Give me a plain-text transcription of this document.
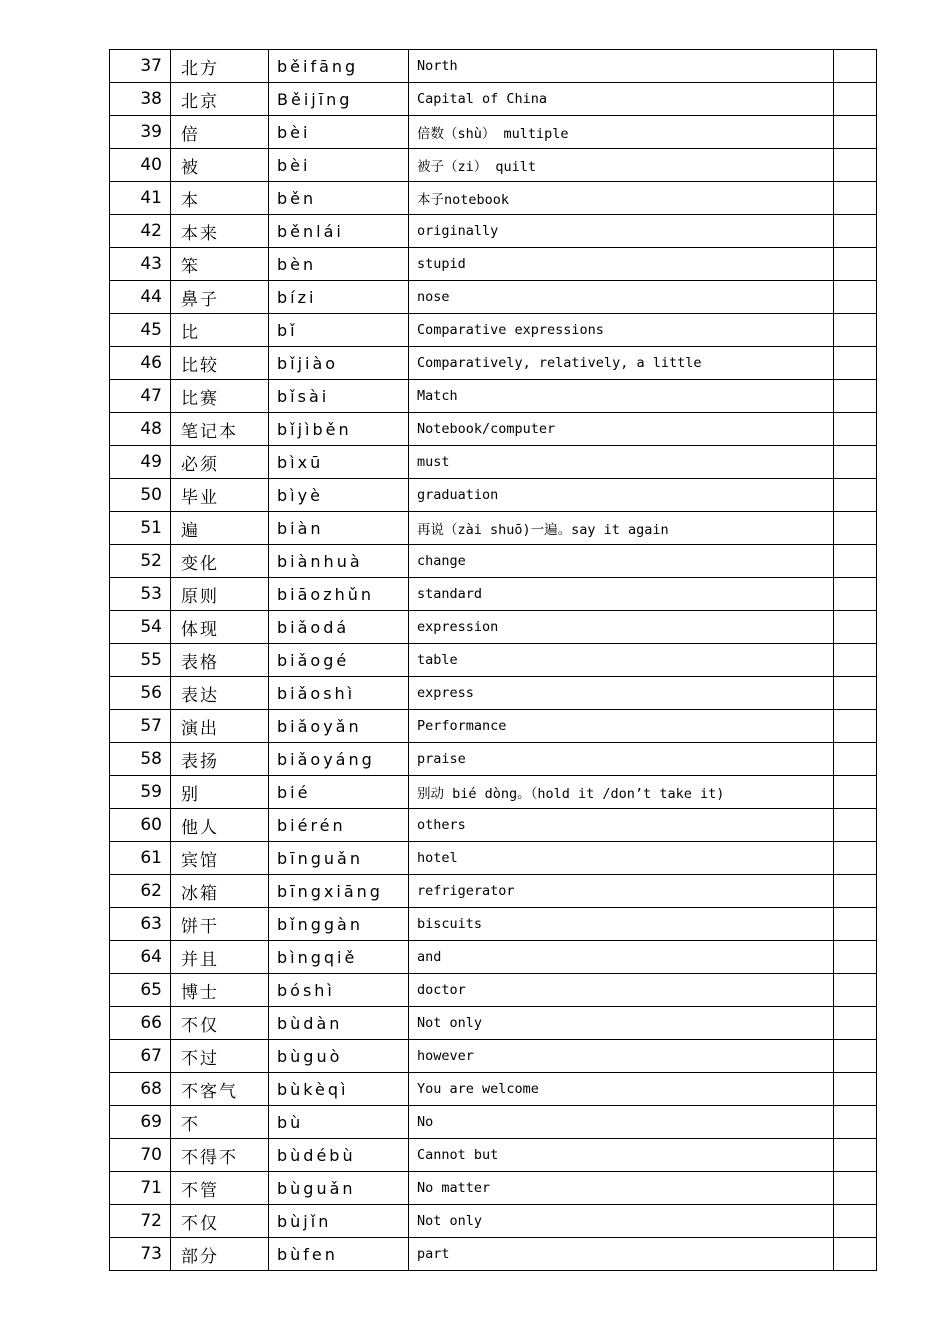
37	北方	běifāng	North	
38	北京	Běijīng	Capital of China	
39	倍	bèi	倍数（shù） multiple	
40	被	bèi	被子（zi） quilt	
41	本	běn	本子notebook	
42	本来	běnlái	originally	
43	笨	bèn	stupid	
44	鼻子	bízi	nose	
45	比	bǐ	Comparative expressions	
46	比较	bǐjiào	Comparatively, relatively, a little	
47	比赛	bǐsài	Match	
48	笔记本	bǐjìběn	Notebook/computer	
49	必须	bìxū	must	
50	毕业	bìyè	graduation	
51	遍	biàn	再说（zài shuō)一遍。say it again	
52	变化	biànhuà	change	
53	原则	biāozhǔn	standard	
54	体现	biǎodá	expression	
55	表格	biǎogé	table	
56	表达	biǎoshì	express	
57	演出	biǎoyǎn	Performance	
58	表扬	biǎoyáng	praise	
59	别	bié	别动 bié dòng。（hold it /don’t take it)	
60	他人	biérén	others	
61	宾馆	bīnguǎn	hotel	
62	冰箱	bīngxiāng	refrigerator	
63	饼干	bǐnggàn	biscuits	
64	并且	bìngqiě	and	
65	博士	bóshì	doctor	
66	不仅	bùdàn	Not only	
67	不过	bùguò	however	
68	不客气	bùkèqì	You are welcome	
69	不	bù	No	
70	不得不	bùdébù	Cannot but	
71	不管	bùguǎn	No matter	
72	不仅	bùjǐn	Not only	
73	部分	bùfen	part	
